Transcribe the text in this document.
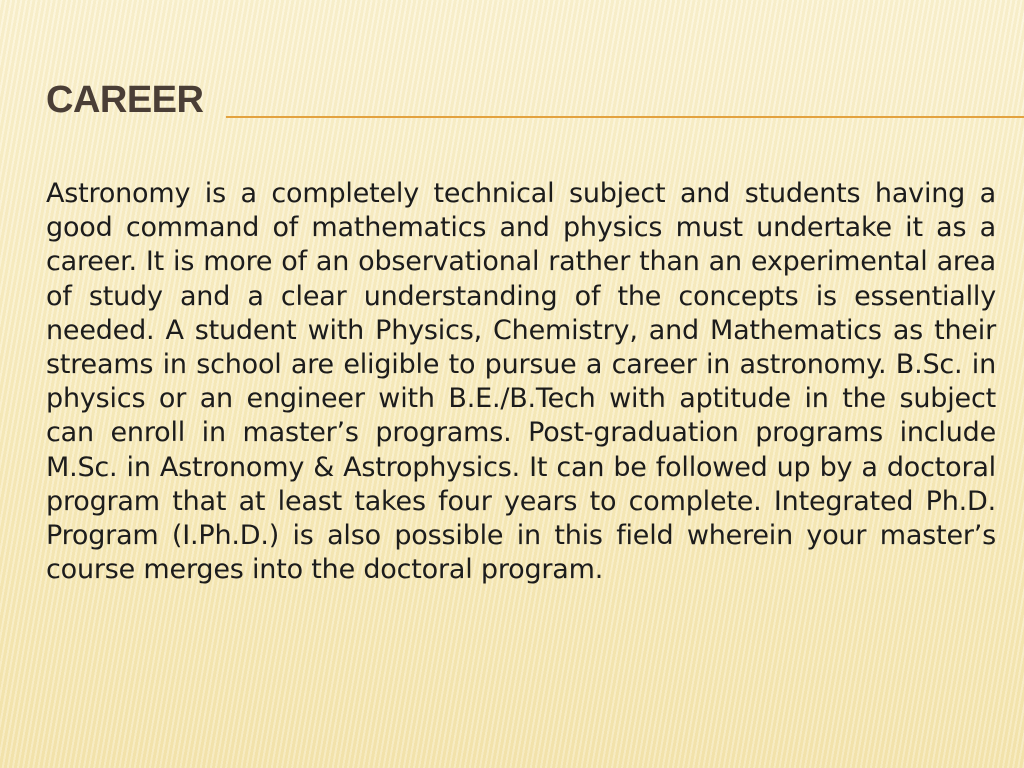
CAREER

Astronomy is a completely technical subject and students having a good command of mathematics and physics must undertake it as a career. It is more of an observational rather than an experimental area of study and a clear understanding of the concepts is essentially needed. A student with Physics, Chemistry, and Mathematics as their streams in school are eligible to pursue a career in astronomy. B.Sc. in physics or an engineer with B.E./B.Tech with aptitude in the subject can enroll in master’s programs. Post-graduation programs include M.Sc. in Astronomy & Astrophysics. It can be followed up by a doctoral program that at least takes four years to complete. Integrated Ph.D. Program (I.Ph.D.) is also possible in this field wherein your master’s course merges into the doctoral program.
